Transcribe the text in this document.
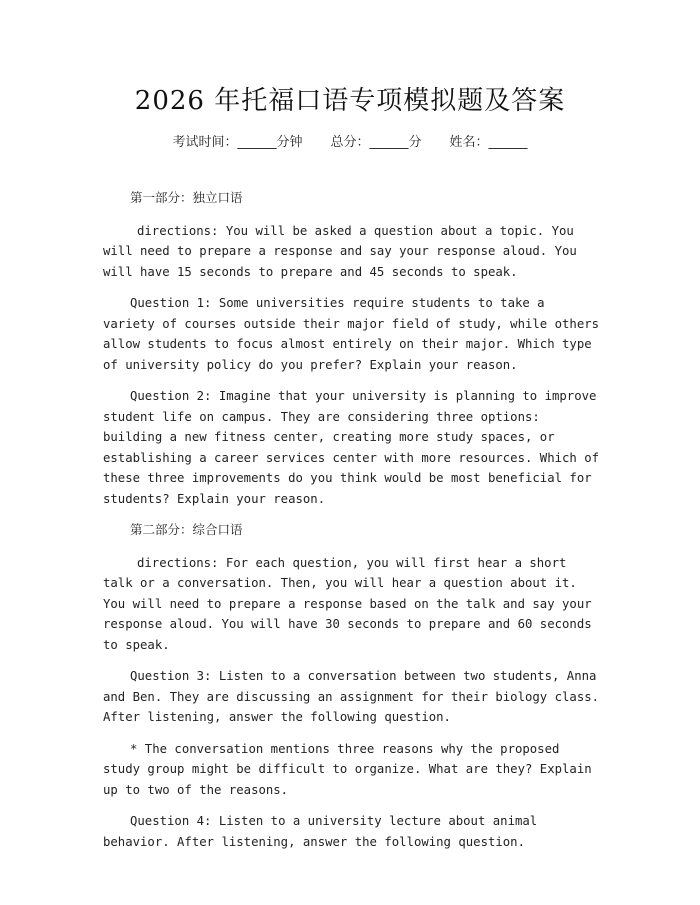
2026 年托福口语专项模拟题及答案
考试时间：______分钟 总分：______分 姓名：______
第一部分：独立口语

directions: You will be asked a question about a topic. You will need to prepare a response and say your response aloud. You will have 15 seconds to prepare and 45 seconds to speak.

Question 1: Some universities require students to take a variety of courses outside their major field of study, while others allow students to focus almost entirely on their major. Which type of university policy do you prefer? Explain your reason.

Question 2: Imagine that your university is planning to improve student life on campus. They are considering three options: building a new fitness center, creating more study spaces, or establishing a career services center with more resources. Which of these three improvements do you think would be most beneficial for students? Explain your reason.

第二部分：综合口语

directions: For each question, you will first hear a short talk or a conversation. Then, you will hear a question about it. You will need to prepare a response based on the talk and say your response aloud. You will have 30 seconds to prepare and 60 seconds to speak.

Question 3: Listen to a conversation between two students, Anna and Ben. They are discussing an assignment for their biology class. After listening, answer the following question.

* The conversation mentions three reasons why the proposed study group might be difficult to organize. What are they? Explain up to two of the reasons.

Question 4: Listen to a university lecture about animal behavior. After listening, answer the following question.
